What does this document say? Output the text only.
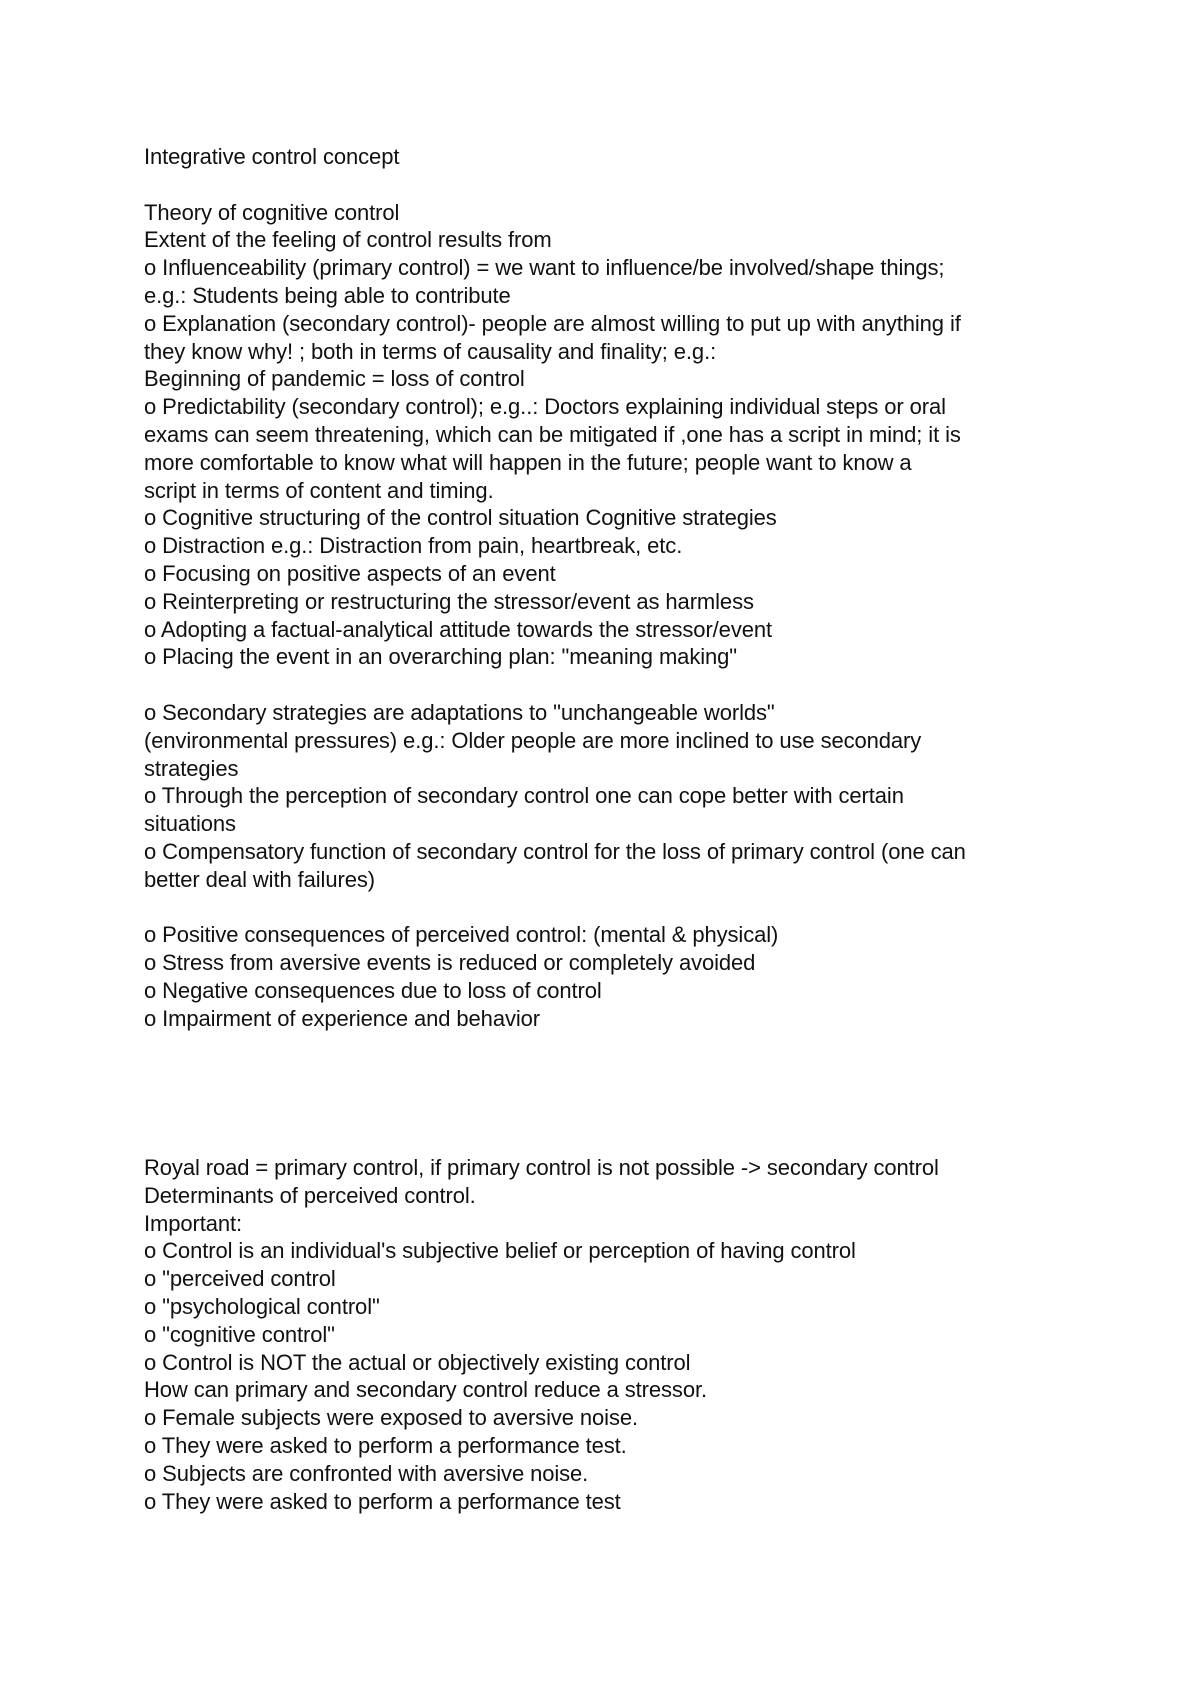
Integrative control concept
Theory of cognitive control
Extent of the feeling of control results from
o Influenceability (primary control) = we want to influence/be involved/shape things;
e.g.: Students being able to contribute
o Explanation (secondary control)- people are almost willing to put up with anything if
they know why! ; both in terms of causality and finality; e.g.:
Beginning of pandemic = loss of control
o Predictability (secondary control); e.g..: Doctors explaining individual steps or oral
exams can seem threatening, which can be mitigated if ,one has a script in mind; it is
more comfortable to know what will happen in the future; people want to know a
script in terms of content and timing.
o Cognitive structuring of the control situation Cognitive strategies
o Distraction e.g.: Distraction from pain, heartbreak, etc.
o Focusing on positive aspects of an event
o Reinterpreting or restructuring the stressor/event as harmless
o Adopting a factual-analytical attitude towards the stressor/event
o Placing the event in an overarching plan: "meaning making"
o Secondary strategies are adaptations to "unchangeable worlds"
(environmental pressures) e.g.: Older people are more inclined to use secondary
strategies
o Through the perception of secondary control one can cope better with certain
situations
o Compensatory function of secondary control for the loss of primary control (one can
better deal with failures)
o Positive consequences of perceived control: (mental & physical)
o Stress from aversive events is reduced or completely avoided
o Negative consequences due to loss of control
o Impairment of experience and behavior
Royal road = primary control, if primary control is not possible -> secondary control
Determinants of perceived control.
Important:
o Control is an individual's subjective belief or perception of having control
o "perceived control
o "psychological control"
o "cognitive control"
o Control is NOT the actual or objectively existing control
How can primary and secondary control reduce a stressor.
o Female subjects were exposed to aversive noise.
o They were asked to perform a performance test.
o Subjects are confronted with aversive noise.
o They were asked to perform a performance test
